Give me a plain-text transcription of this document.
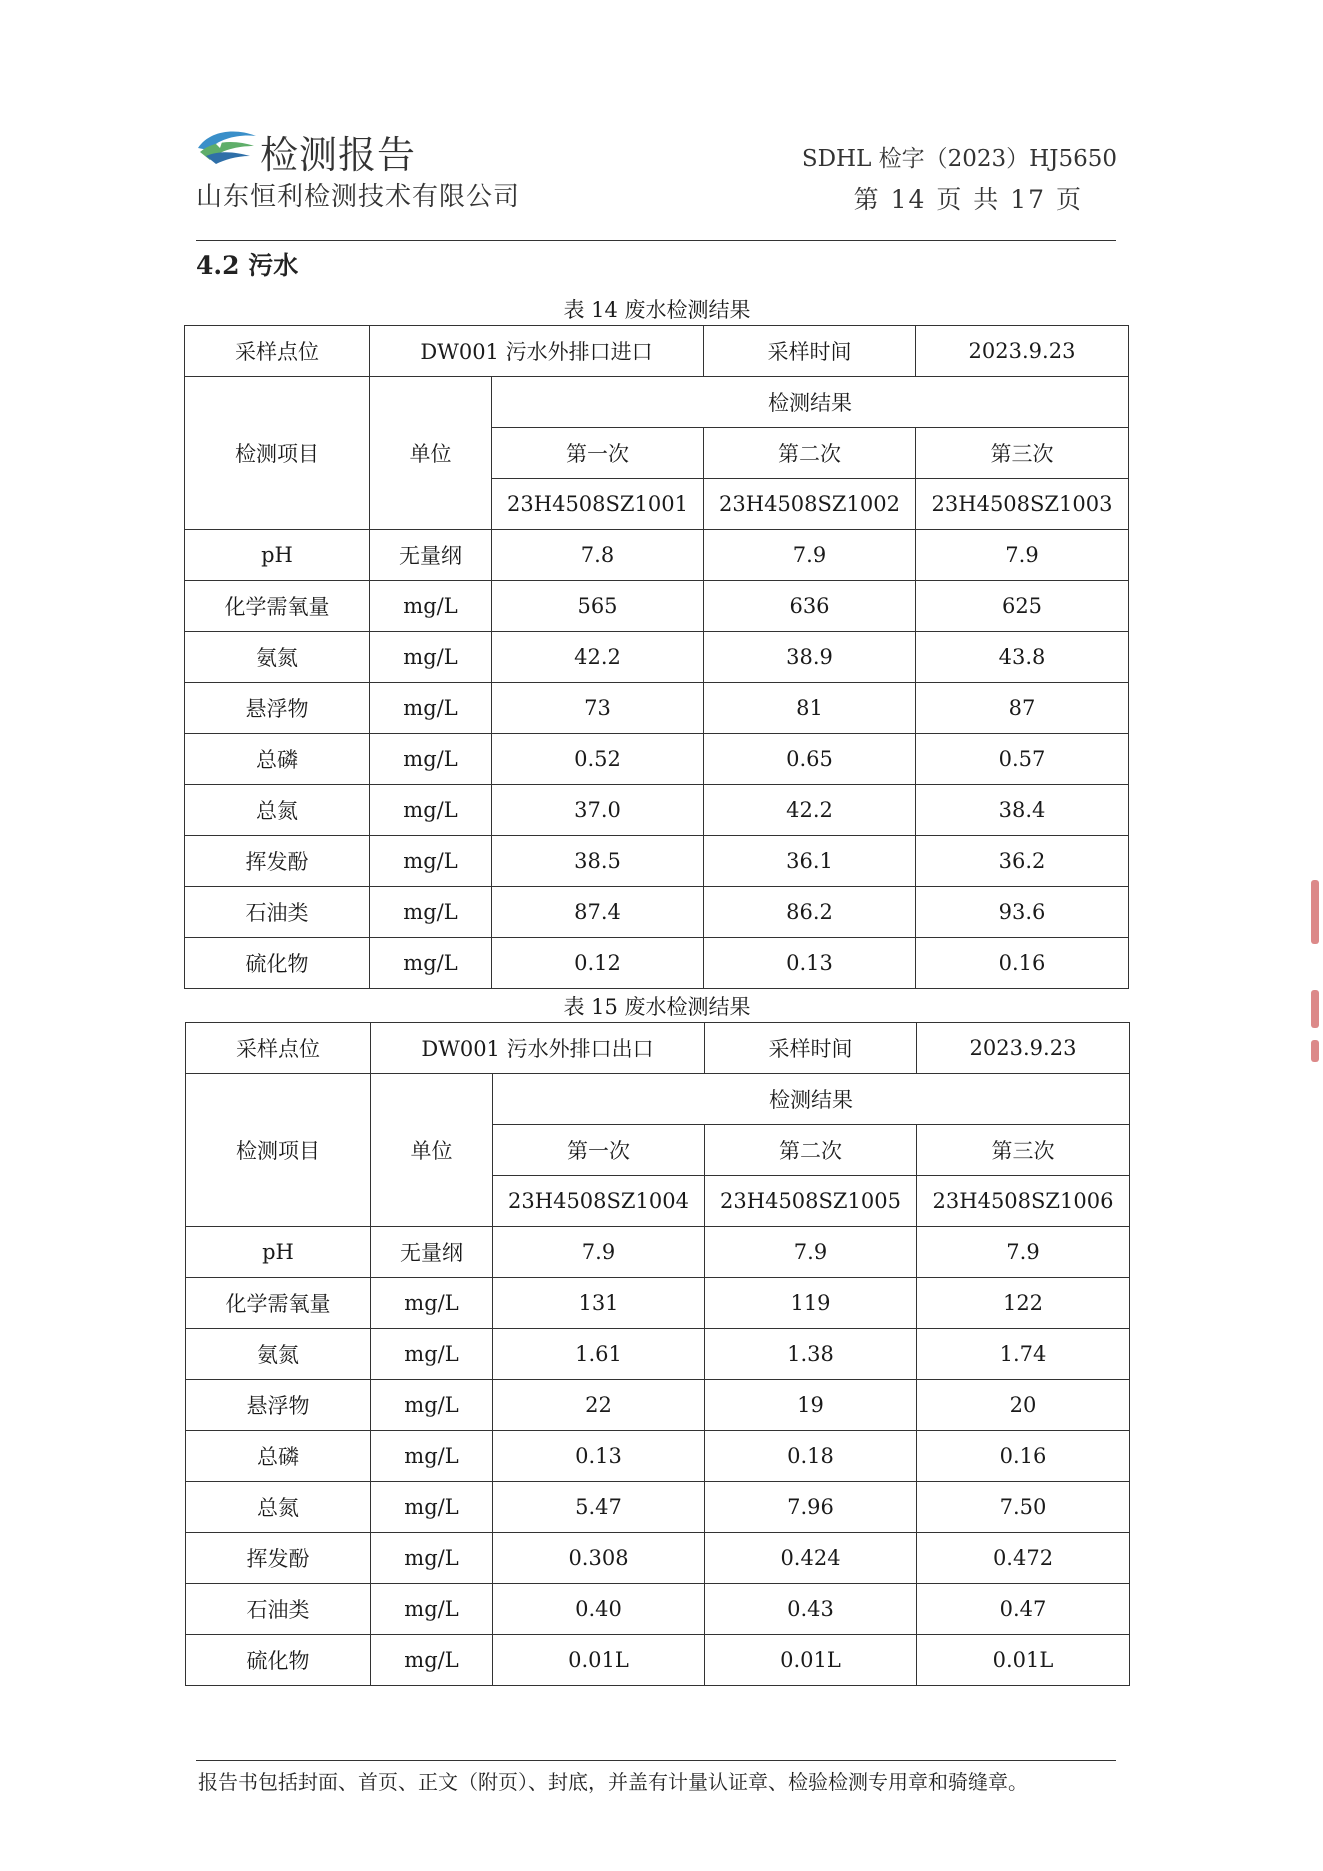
检测报告
山东恒利检测技术有限公司
SDHL 检字（2023）HJ5650
第 14 页 共 17 页
4.2 污水
表 14 废水检测结果
采样点位	DW001 污水外排口进口		采样时间	2023.9.23
检测项目	单位	检测结果		
		第一次	第二次	第三次
		23H4508SZ1001	23H4508SZ1002	23H4508SZ1003
pH	无量纲	7.8	7.9	7.9
化学需氧量	mg/L	565	636	625
氨氮	mg/L	42.2	38.9	43.8
悬浮物	mg/L	73	81	87
总磷	mg/L	0.52	0.65	0.57
总氮	mg/L	37.0	42.2	38.4
挥发酚	mg/L	38.5	36.1	36.2
石油类	mg/L	87.4	86.2	93.6
硫化物	mg/L	0.12	0.13	0.16
表 15 废水检测结果
采样点位	DW001 污水外排口出口		采样时间	2023.9.23
检测项目	单位	检测结果		
		第一次	第二次	第三次
		23H4508SZ1004	23H4508SZ1005	23H4508SZ1006
pH	无量纲	7.9	7.9	7.9
化学需氧量	mg/L	131	119	122
氨氮	mg/L	1.61	1.38	1.74
悬浮物	mg/L	22	19	20
总磷	mg/L	0.13	0.18	0.16
总氮	mg/L	5.47	7.96	7.50
挥发酚	mg/L	0.308	0.424	0.472
石油类	mg/L	0.40	0.43	0.47
硫化物	mg/L	0.01L	0.01L	0.01L
报告书包括封面、首页、正文（附页）、封底，并盖有计量认证章、检验检测专用章和骑缝章。
